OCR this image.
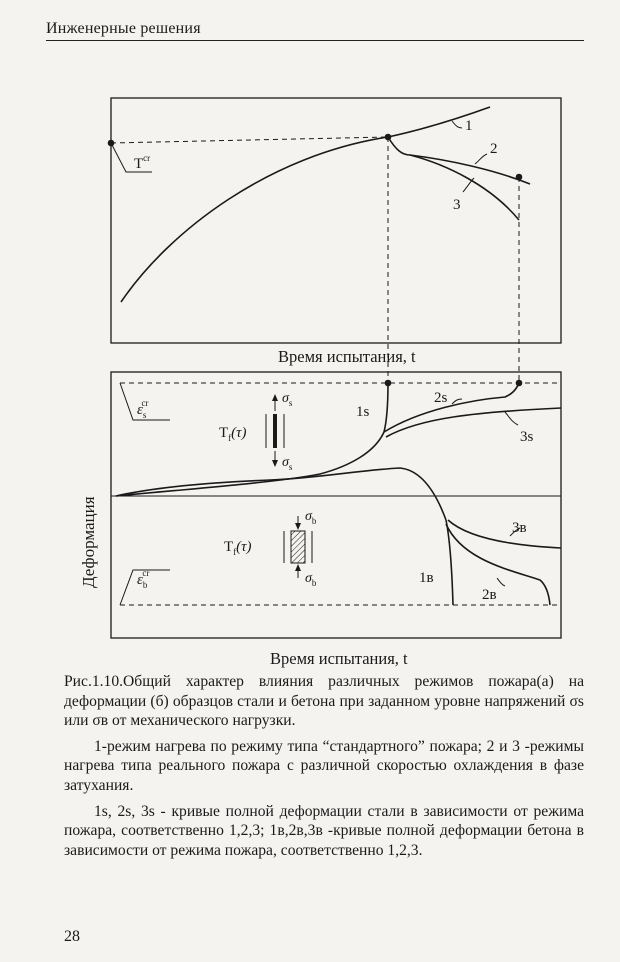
Инженерные решения
$T^{cr}$
1
2
3
Время испытания, t
Деформация
$\varepsilon_scr$
$\varepsilon_bcr$
$\sigma_s$
$\sigma_s$
$T_f(\tau)$
$\sigma_b$
$\sigma_b$
$T_f(\tau)$
1s
2s
3s
3в
1в
2в
Время испытания, t

Рис.1.10.Общий характер влияния различных режимов пожара(а) на деформации (б) образцов стали и бетона при заданном уровне напряжений σs или σв от механического нагрузки.

1-режим нагрева по режиму типа “стандартного” пожара; 2 и 3 -режимы нагрева типа реального пожара с различной скоростью охлаждения в фазе затухания.

1s, 2s, 3s - кривые полной деформации стали в зависимости от режима пожара, соответственно 1,2,3; 1в,2в,3в -кривые полной деформации бетона в зависимости от режима пожара, соответственно 1,2,3.

28
